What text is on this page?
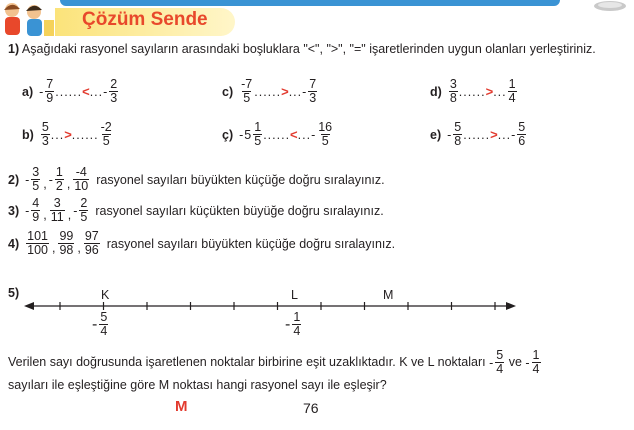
Çözüm Sende
1) Aşağıdaki rasyonel sayıların arasındaki boşluklara "<", ">", "=" işaretlerinden uygun olanları yerleştiriniz.
$a) - \frac{7}{9}$ ...... < ... - $\frac{2}{3}$	$c) \frac{-7}{5}$ ...... > ... - $\frac{7}{3}$	$d) \frac{3}{8}$ ...... > ... $\frac{1}{4}$
$b) \frac{5}{3}$ ... > ...... $\frac{-2}{5}$	ç) - $5 \frac{1}{5}$ ...... < ... - $\frac{16}{5}$	$e) - \frac{5}{8}$ ...... > ... - $\frac{5}{6}$
$2) - \frac{3}{5}$ , - $\frac{1}{2}$ , $\frac{-4}{10}$ rasyonel sayıları büyükten küçüğe doğru sıralayınız.
$3) - \frac{4}{9}$ , $\frac{3}{11}$ , - $\frac{2}{5}$ rasyonel sayıları küçükten büyüğe doğru sıralayınız.
$4) \frac{101}{100}$ , $\frac{99}{98}$ , $\frac{97}{96}$ rasyonel sayıları büyükten küçüğe doğru sıralayınız.
5)	K	L	M
- $\frac{5}{4}$	- $\frac{1}{4}$
Verilen sayı doğrusunda işaretlenen noktalar birbirine eşit uzaklıktadır. K ve L noktaları - $\frac{5}{4}$ ve - $\frac{1}{4}$

sayıları ile eşleştiğine göre M noktası hangi rasyonel sayı ile eşleşir?
M	76
